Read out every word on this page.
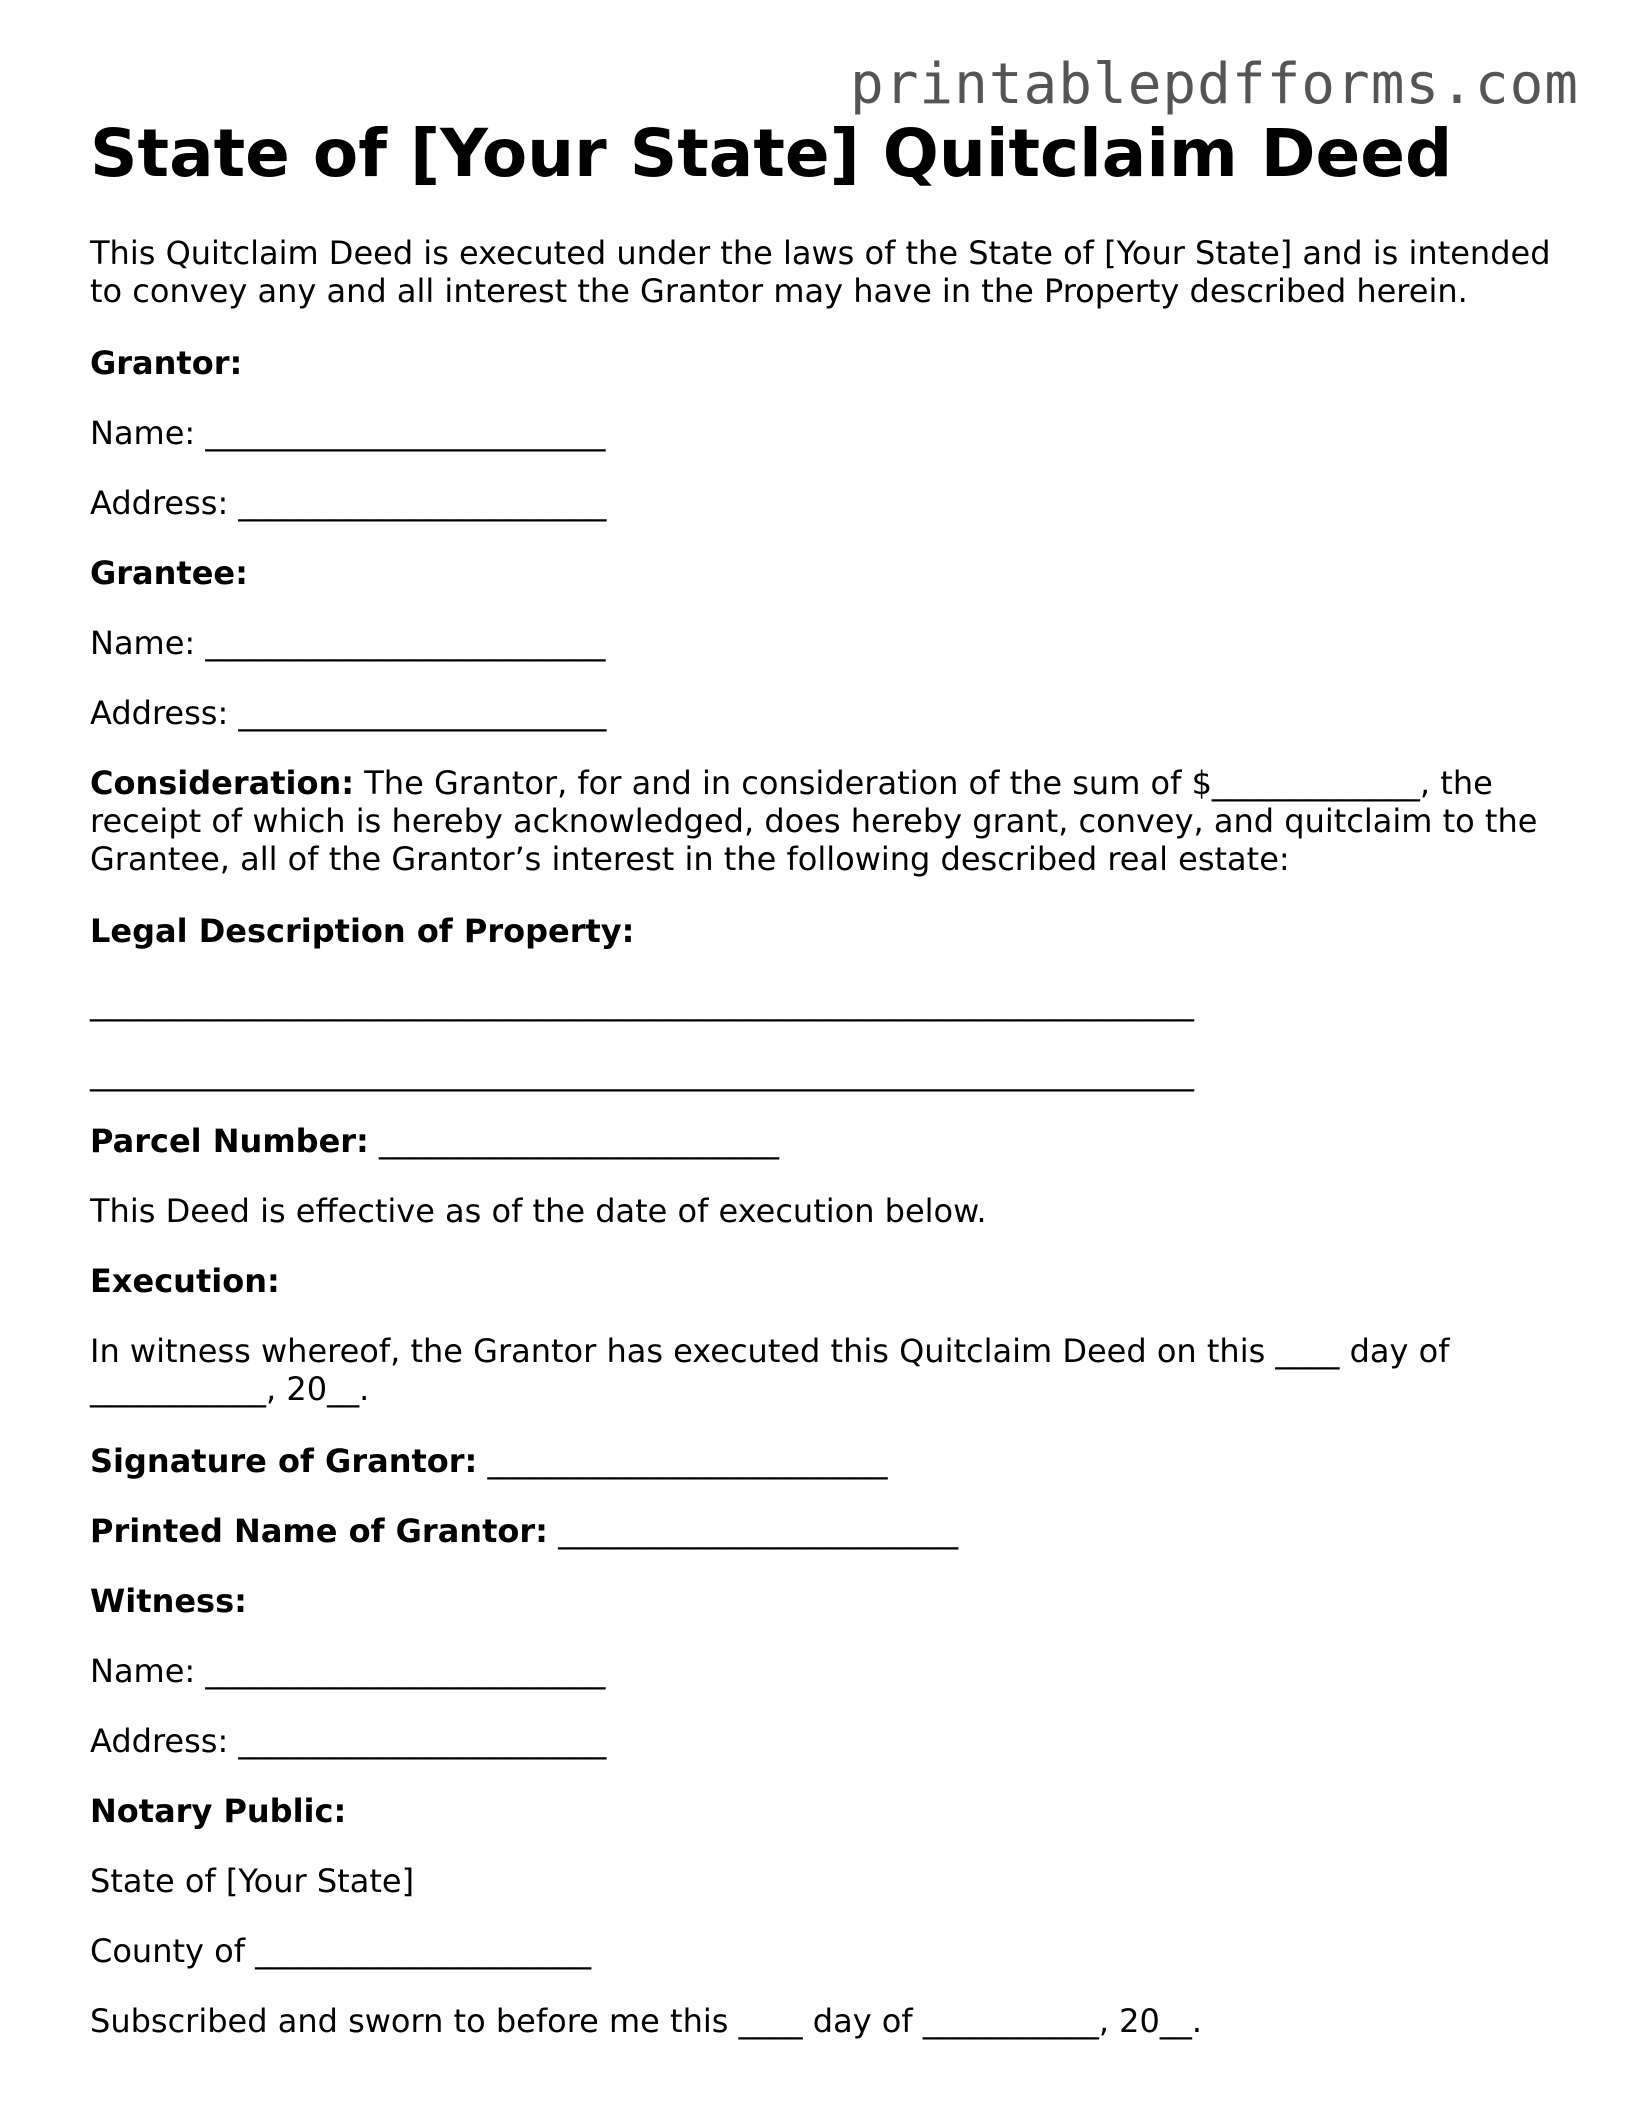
printablepdfforms.com
State of [Your State] Quitclaim Deed

This Quitclaim Deed is executed under the laws of the State of [Your State] and is intended

to convey any and all interest the Grantor may have in the Property described herein.

Grantor:

Name: _________________________

Address: _______________________

Grantee:

Name: _________________________

Address: _______________________

Consideration: The Grantor, for and in consideration of the sum of $_____________, the

receipt of which is hereby acknowledged, does hereby grant, convey, and quitclaim to the

Grantee, all of the Grantor’s interest in the following described real estate:

Legal Description of Property:

_____________________________________________________________________

_____________________________________________________________________

Parcel Number: _________________________

This Deed is effective as of the date of execution below.

Execution:

In witness whereof, the Grantor has executed this Quitclaim Deed on this ____ day of

___________, 20__.

Signature of Grantor: _________________________

Printed Name of Grantor: _________________________

Witness:

Name: _________________________

Address: _______________________

Notary Public:

State of [Your State]

County of _____________________

Subscribed and sworn to before me this ____ day of ___________, 20__.
